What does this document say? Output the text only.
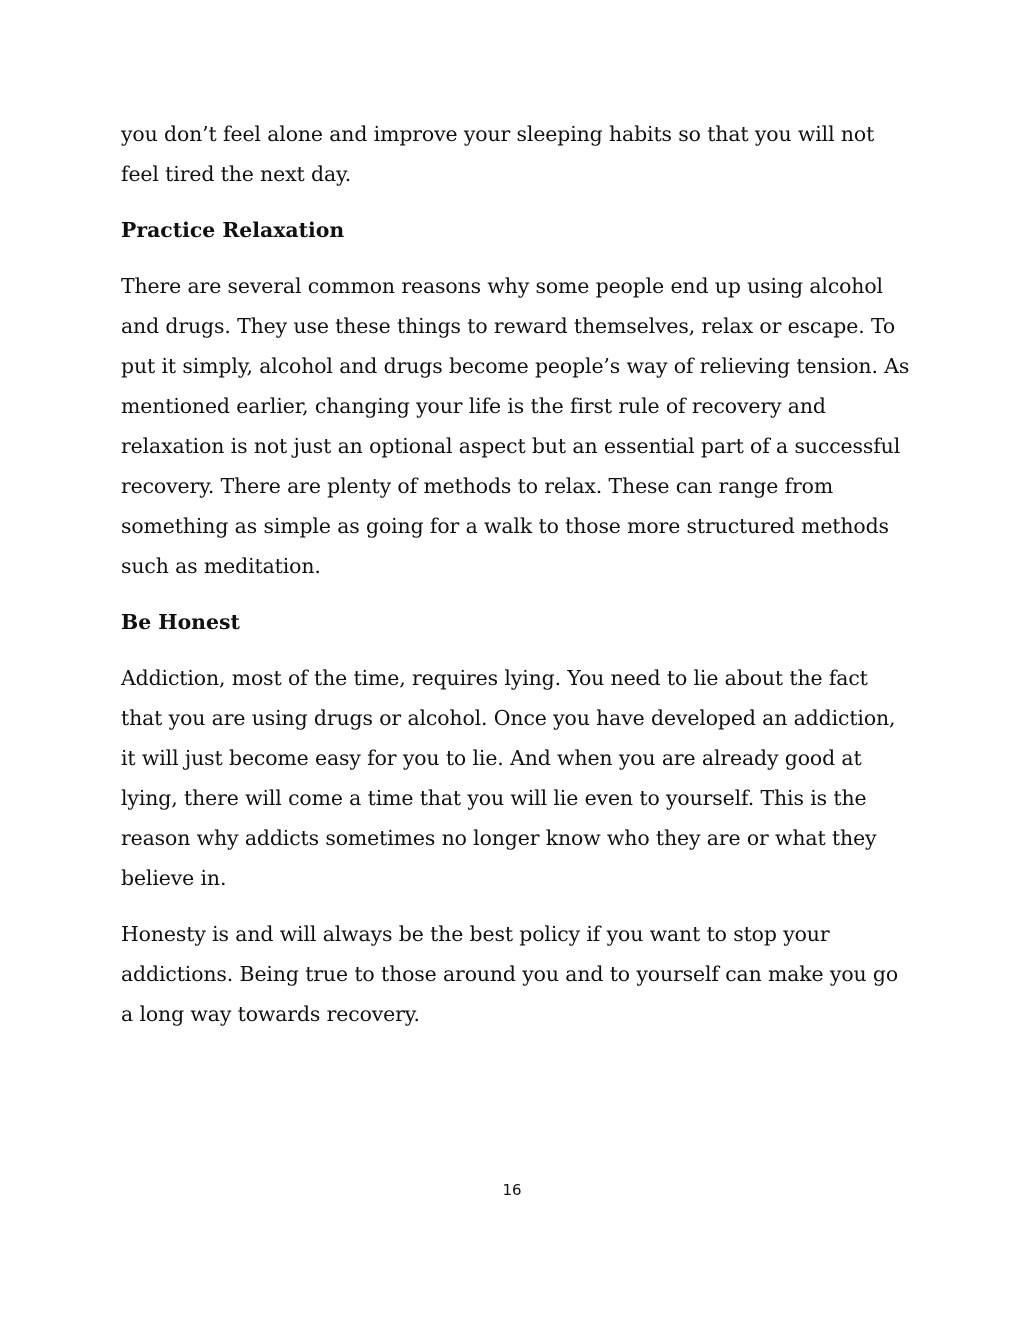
you don’t feel alone and improve your sleeping habits so that you will not feel tired the next day.

Practice Relaxation

There are several common reasons why some people end up using alcohol and drugs. They use these things to reward themselves, relax or escape. To put it simply, alcohol and drugs become people’s way of relieving tension. As mentioned earlier, changing your life is the first rule of recovery and relaxation is not just an optional aspect but an essential part of a successful recovery. There are plenty of methods to relax. These can range from something as simple as going for a walk to those more structured methods such as meditation.

Be Honest

Addiction, most of the time, requires lying. You need to lie about the fact that you are using drugs or alcohol. Once you have developed an addiction, it will just become easy for you to lie. And when you are already good at lying, there will come a time that you will lie even to yourself. This is the reason why addicts sometimes no longer know who they are or what they believe in.

Honesty is and will always be the best policy if you want to stop your addictions. Being true to those around you and to yourself can make you go a long way towards recovery.

16
